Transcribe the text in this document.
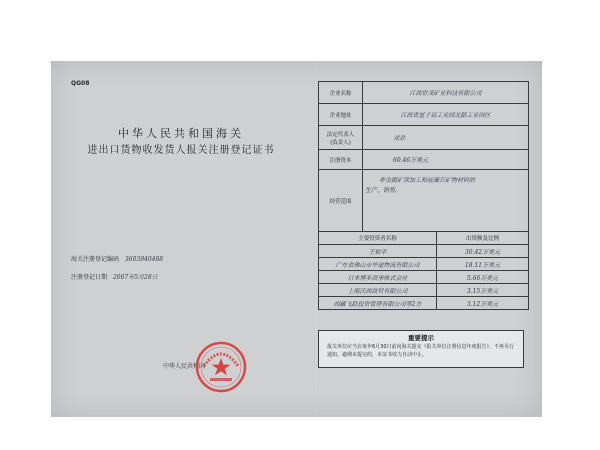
QG08
中华人民共和国海关
进出口货物收发货人报关注册登记证书
海关注册登记编码 3603940488
注册登记日期 2007年5月28日
中华人民共和国
企业名称	江西世茂矿业科技有限公司	
企业地址	江西省星子县工业园北路工业园区	

法定代表人
(负责人)	刘君	
注册资本	60.46万美元	
经营范围	非金属矿深加工和硅藻石矿物材料的
生产、销售。	

主要投资者名称		出资额及比例
王和平		30.42万美元
广东省佛山市华迪物流有限公司		18.11万美元
日本博多商事株式会社		5.66万美元
上海沃西商贸有限公司		3.15万美元
西藏飞跃投资管理有限公司等2方		3.12万美元
重要提示
报关单位应当在每年6月30日前向海关提交《报关单位注册信息年度报告》，不再另行通知。逾期未提交的，本证书效力自动中止。
